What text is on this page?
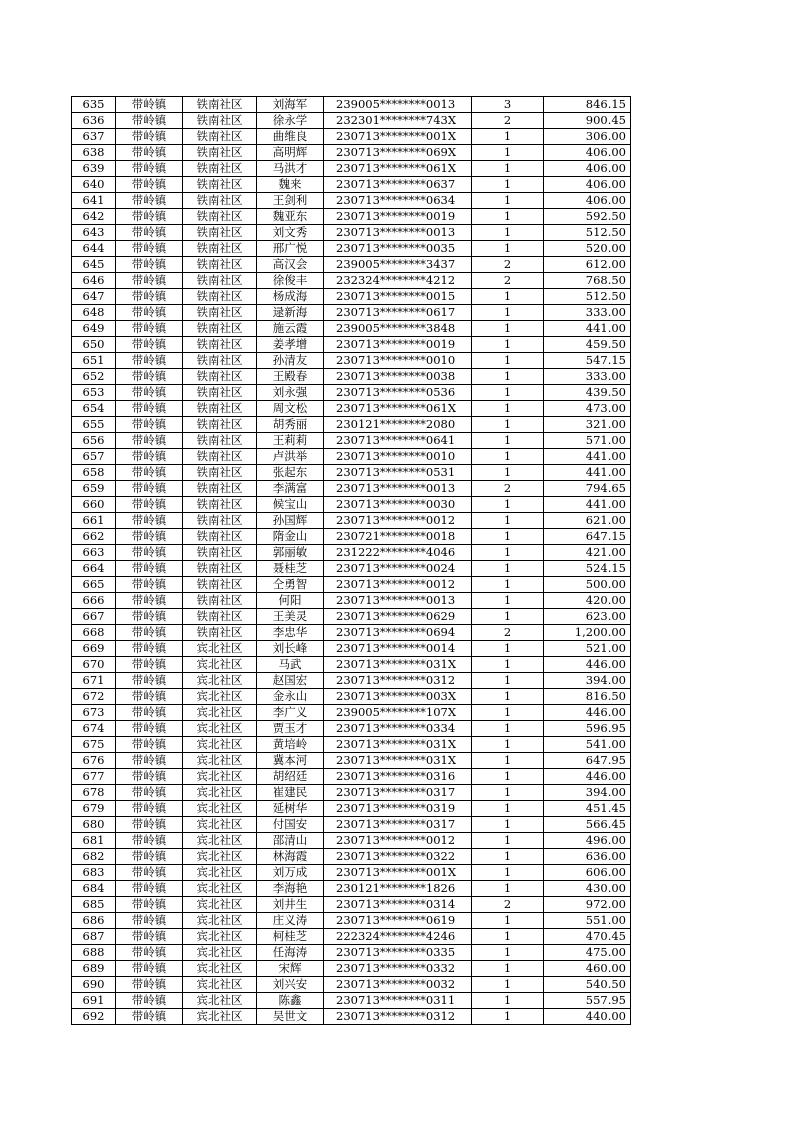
635	带岭镇	铁南社区	刘海军	239005********0013	3	846.15
636	带岭镇	铁南社区	徐永学	232301********743X	2	900.45
637	带岭镇	铁南社区	曲维良	230713********001X	1	306.00
638	带岭镇	铁南社区	高明辉	230713********069X	1	406.00
639	带岭镇	铁南社区	马洪才	230713********061X	1	406.00
640	带岭镇	铁南社区	魏来	230713********0637	1	406.00
641	带岭镇	铁南社区	王剑利	230713********0634	1	406.00
642	带岭镇	铁南社区	魏亚东	230713********0019	1	592.50
643	带岭镇	铁南社区	刘文秀	230713********0013	1	512.50
644	带岭镇	铁南社区	邢广悦	230713********0035	1	520.00
645	带岭镇	铁南社区	高汉会	239005********3437	2	612.00
646	带岭镇	铁南社区	徐俊丰	232324********4212	2	768.50
647	带岭镇	铁南社区	杨成海	230713********0015	1	512.50
648	带岭镇	铁南社区	逯新海	230713********0617	1	333.00
649	带岭镇	铁南社区	施云霞	239005********3848	1	441.00
650	带岭镇	铁南社区	姜孝增	230713********0019	1	459.50
651	带岭镇	铁南社区	孙清友	230713********0010	1	547.15
652	带岭镇	铁南社区	王殿春	230713********0038	1	333.00
653	带岭镇	铁南社区	刘永强	230713********0536	1	439.50
654	带岭镇	铁南社区	周文松	230713********061X	1	473.00
655	带岭镇	铁南社区	胡秀丽	230121********2080	1	321.00
656	带岭镇	铁南社区	王莉莉	230713********0641	1	571.00
657	带岭镇	铁南社区	卢洪举	230713********0010	1	441.00
658	带岭镇	铁南社区	张起东	230713********0531	1	441.00
659	带岭镇	铁南社区	李满富	230713********0013	2	794.65
660	带岭镇	铁南社区	候宝山	230713********0030	1	441.00
661	带岭镇	铁南社区	孙国辉	230713********0012	1	621.00
662	带岭镇	铁南社区	隋金山	230721********0018	1	647.15
663	带岭镇	铁南社区	郭丽敏	231222********4046	1	421.00
664	带岭镇	铁南社区	聂桂芝	230713********0024	1	524.15
665	带岭镇	铁南社区	仝勇智	230713********0012	1	500.00
666	带岭镇	铁南社区	何阳	230713********0013	1	420.00
667	带岭镇	铁南社区	王美灵	230713********0629	1	623.00
668	带岭镇	铁南社区	李忠华	230713********0694	2	1,200.00
669	带岭镇	宾北社区	刘长峰	230713********0014	1	521.00
670	带岭镇	宾北社区	马武	230713********031X	1	446.00
671	带岭镇	宾北社区	赵国宏	230713********0312	1	394.00
672	带岭镇	宾北社区	金永山	230713********003X	1	816.50
673	带岭镇	宾北社区	李广义	239005********107X	1	446.00
674	带岭镇	宾北社区	贾玉才	230713********0334	1	596.95
675	带岭镇	宾北社区	黄培岭	230713********031X	1	541.00
676	带岭镇	宾北社区	冀本河	230713********031X	1	647.95
677	带岭镇	宾北社区	胡绍廷	230713********0316	1	446.00
678	带岭镇	宾北社区	崔建民	230713********0317	1	394.00
679	带岭镇	宾北社区	延树华	230713********0319	1	451.45
680	带岭镇	宾北社区	付国安	230713********0317	1	566.45
681	带岭镇	宾北社区	邵清山	230713********0012	1	496.00
682	带岭镇	宾北社区	林海霞	230713********0322	1	636.00
683	带岭镇	宾北社区	刘万成	230713********001X	1	606.00
684	带岭镇	宾北社区	李海艳	230121********1826	1	430.00
685	带岭镇	宾北社区	刘井生	230713********0314	2	972.00
686	带岭镇	宾北社区	庄义涛	230713********0619	1	551.00
687	带岭镇	宾北社区	柯桂芝	222324********4246	1	470.45
688	带岭镇	宾北社区	任海涛	230713********0335	1	475.00
689	带岭镇	宾北社区	宋辉	230713********0332	1	460.00
690	带岭镇	宾北社区	刘兴安	230713********0032	1	540.50
691	带岭镇	宾北社区	陈鑫	230713********0311	1	557.95
692	带岭镇	宾北社区	吴世文	230713********0312	1	440.00
